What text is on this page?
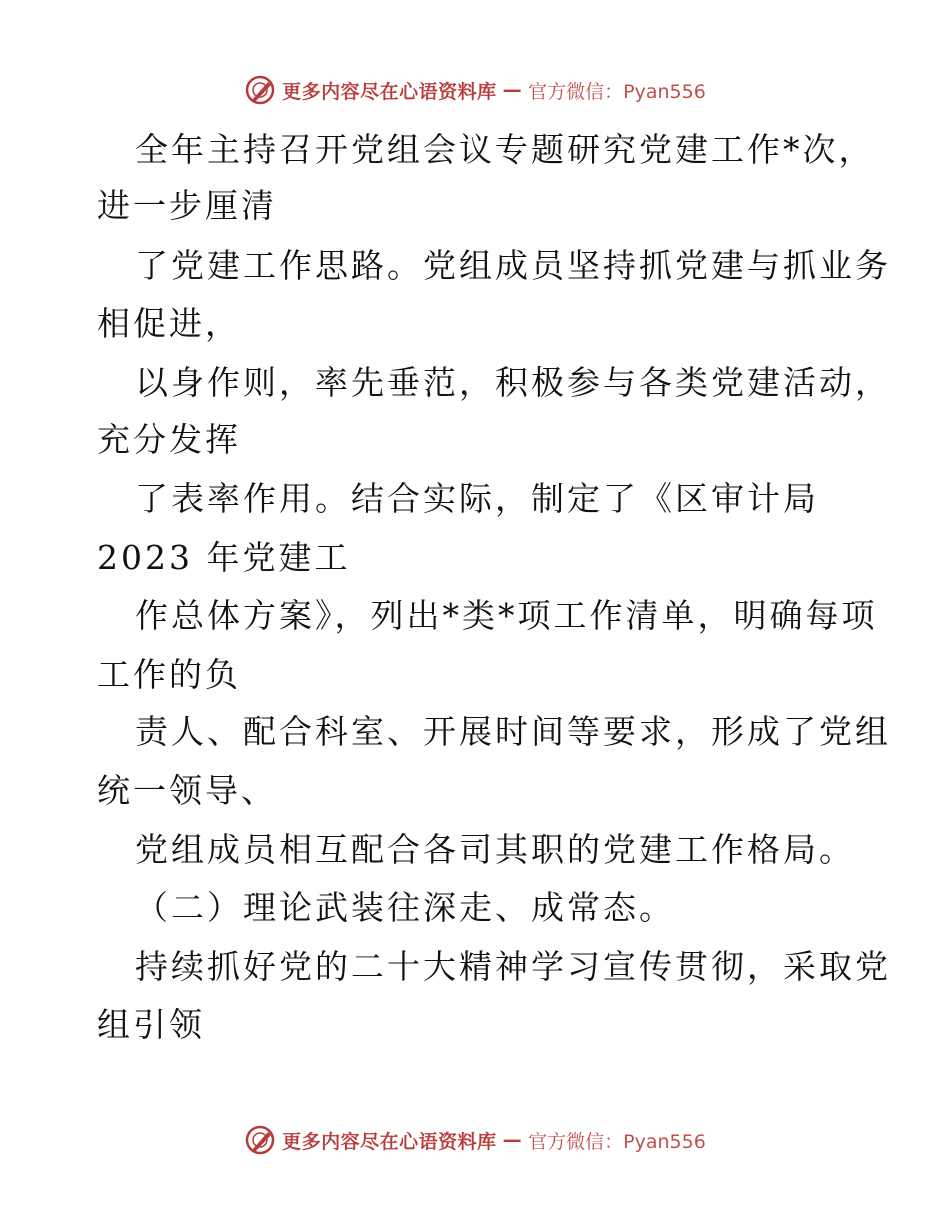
更多内容尽在心语资料库 — 官方微信：Pyan556
全年主持召开党组会议专题研究党建工作*次，
进一步厘清
了党建工作思路。党组成员坚持抓党建与抓业务
相促进，
以身作则，率先垂范，积极参与各类党建活动，
充分发挥
了表率作用。结合实际，制定了《区审计局
2023 年党建工
作总体方案》，列出*类*项工作清单，明确每项
工作的负
责人、配合科室、开展时间等要求，形成了党组
统一领导、
党组成员相互配合各司其职的党建工作格局。
（二）理论武装往深走、成常态。
持续抓好党的二十大精神学习宣传贯彻，采取党
组引领
更多内容尽在心语资料库 — 官方微信：Pyan556
